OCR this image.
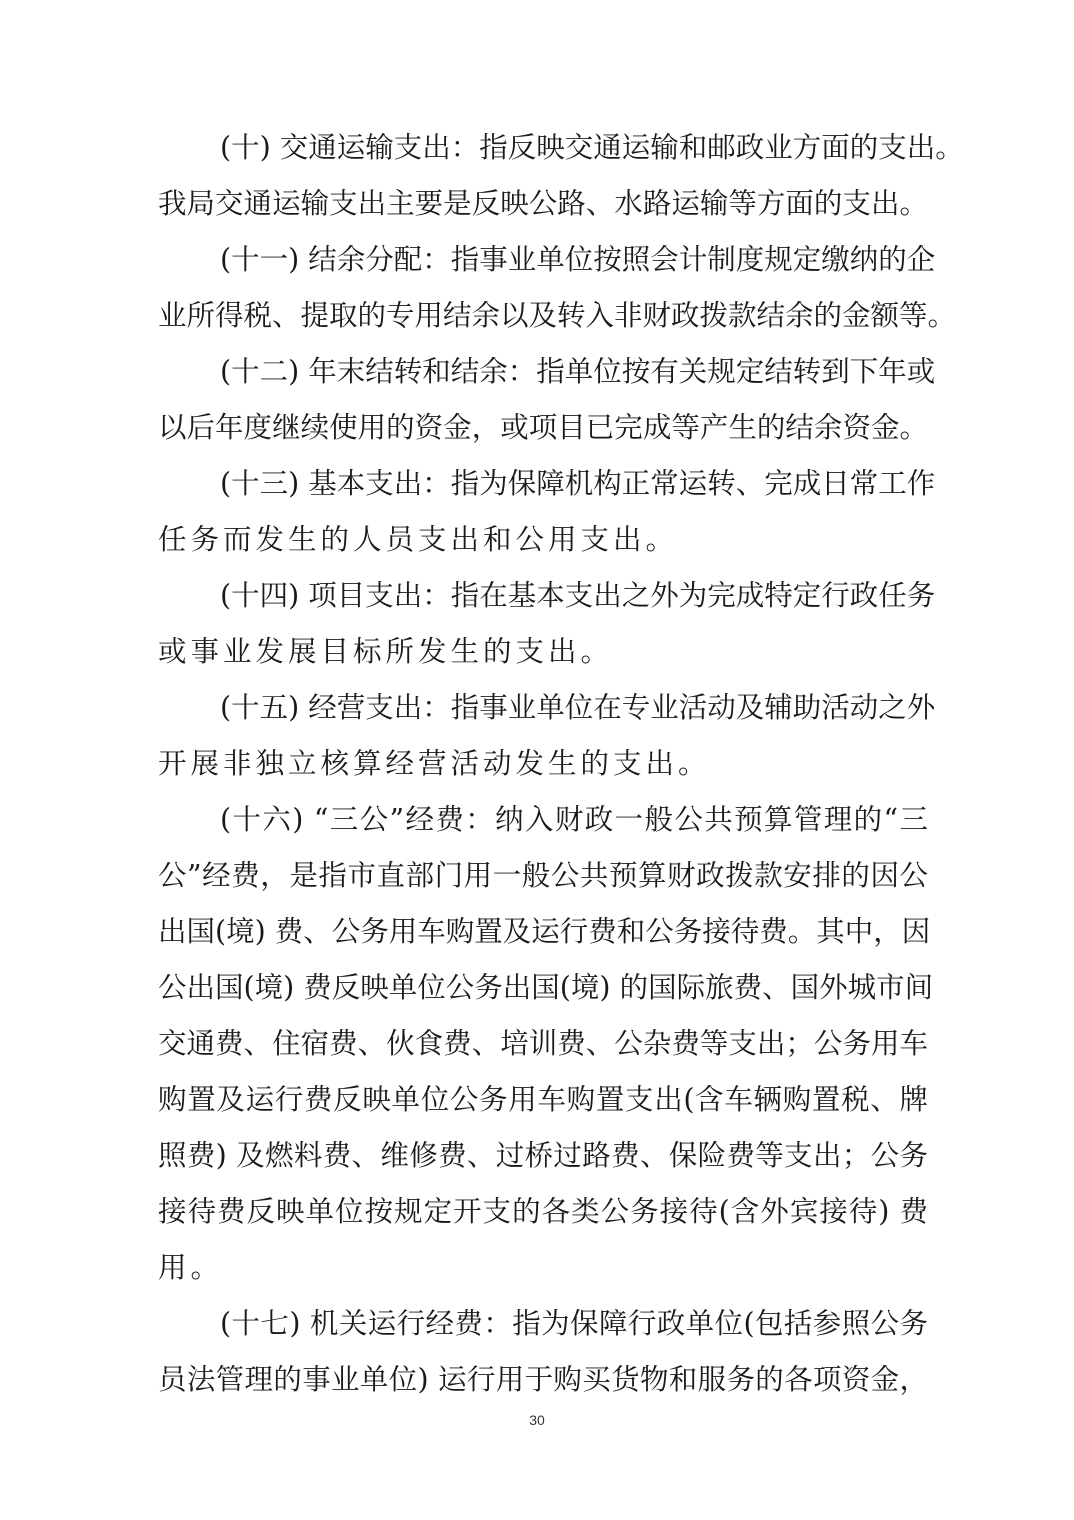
(十) 交通运输支出：指反映交通运输和邮政业方面的支出。
我局交通运输支出主要是反映公路、水路运输等方面的支出。
(十一) 结余分配：指事业单位按照会计制度规定缴纳的企
业所得税、提取的专用结余以及转入非财政拨款结余的金额等。
(十二) 年末结转和结余：指单位按有关规定结转到下年或
以后年度继续使用的资金，或项目已完成等产生的结余资金。
(十三) 基本支出：指为保障机构正常运转、完成日常工作
任务而发生的人员支出和公用支出。
(十四) 项目支出：指在基本支出之外为完成特定行政任务
或事业发展目标所发生的支出。
(十五) 经营支出：指事业单位在专业活动及辅助活动之外
开展非独立核算经营活动发生的支出。
(十六) “三公”经费：纳入财政一般公共预算管理的“三
公”经费，是指市直部门用一般公共预算财政拨款安排的因公
出国(境) 费、公务用车购置及运行费和公务接待费。其中，因
公出国(境) 费反映单位公务出国(境) 的国际旅费、国外城市间
交通费、住宿费、伙食费、培训费、公杂费等支出；公务用车
购置及运行费反映单位公务用车购置支出(含车辆购置税、牌
照费) 及燃料费、维修费、过桥过路费、保险费等支出；公务
接待费反映单位按规定开支的各类公务接待(含外宾接待) 费
用。
(十七) 机关运行经费：指为保障行政单位(包括参照公务
员法管理的事业单位) 运行用于购买货物和服务的各项资金，
30
